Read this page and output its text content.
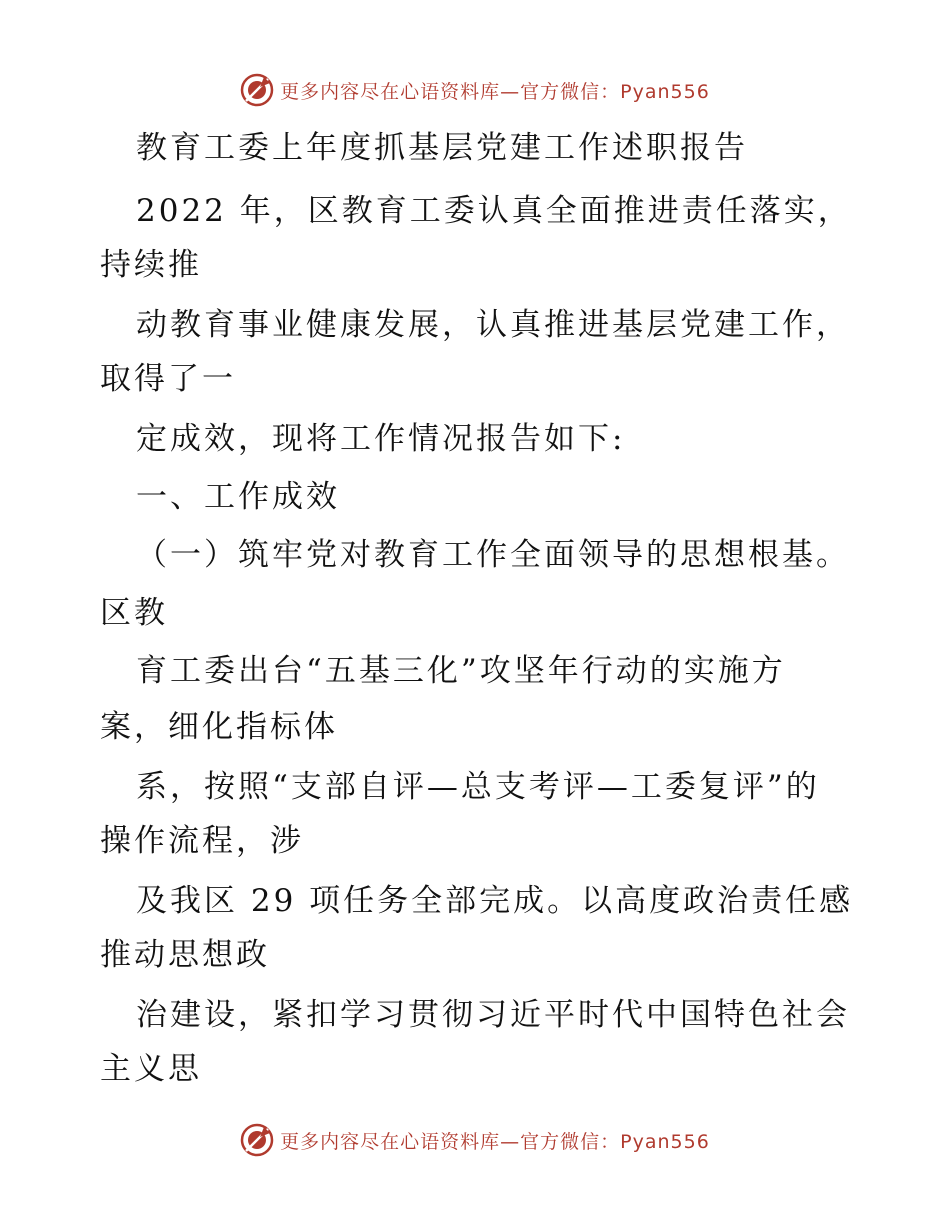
更多内容尽在心语资料库—官方微信：Pyan556
教育工委上年度抓基层党建工作述职报告
2022 年，区教育工委认真全面推进责任落实，
持续推
动教育事业健康发展，认真推进基层党建工作，
取得了一
定成效，现将工作情况报告如下:
一、工作成效
（一）筑牢党对教育工作全面领导的思想根基。
区教
育工委出台“五基三化”攻坚年行动的实施方
案，细化指标体
系，按照“支部自评—总支考评—工委复评”的
操作流程，涉
及我区 29 项任务全部完成。以高度政治责任感
推动思想政
治建设，紧扣学习贯彻习近平时代中国特色社会
主义思
更多内容尽在心语资料库—官方微信：Pyan556
